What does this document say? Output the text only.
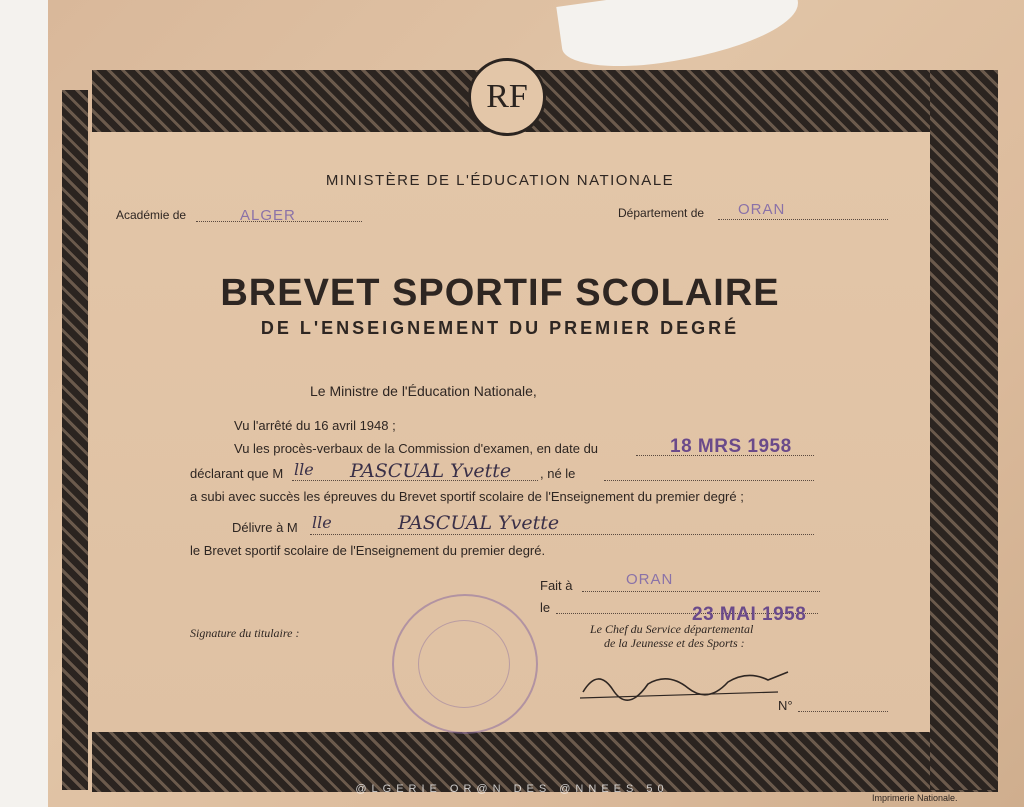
RF
MINISTÈRE DE L'ÉDUCATION NATIONALE
Académie de	ALGER	Département de ORAN
BREVET SPORTIF SCOLAIRE
DE L'ENSEIGNEMENT DU PREMIER DEGRÉ
Le Ministre de l'Éducation Nationale,
Vu l'arrêté du 16 avril 1948 ;
Vu les procès-verbaux de la Commission d'examen, en date du	18 MRS 1958
déclarant que M lle PASCUAL Yvette , né le
a subi avec succès les épreuves du Brevet sportif scolaire de l'Enseignement du premier degré ;
Délivre à M lle	PASCUAL Yvette
le Brevet sportif scolaire de l'Enseignement du premier degré.
Fait à	ORAN
le	23 MAI 1958
Signature du titulaire :	Le Chef du Service départemental
de la Jeunesse et des Sports :
N°
@LGERIE OR@N DES @NNEES 50
Imprimerie Nationale.
